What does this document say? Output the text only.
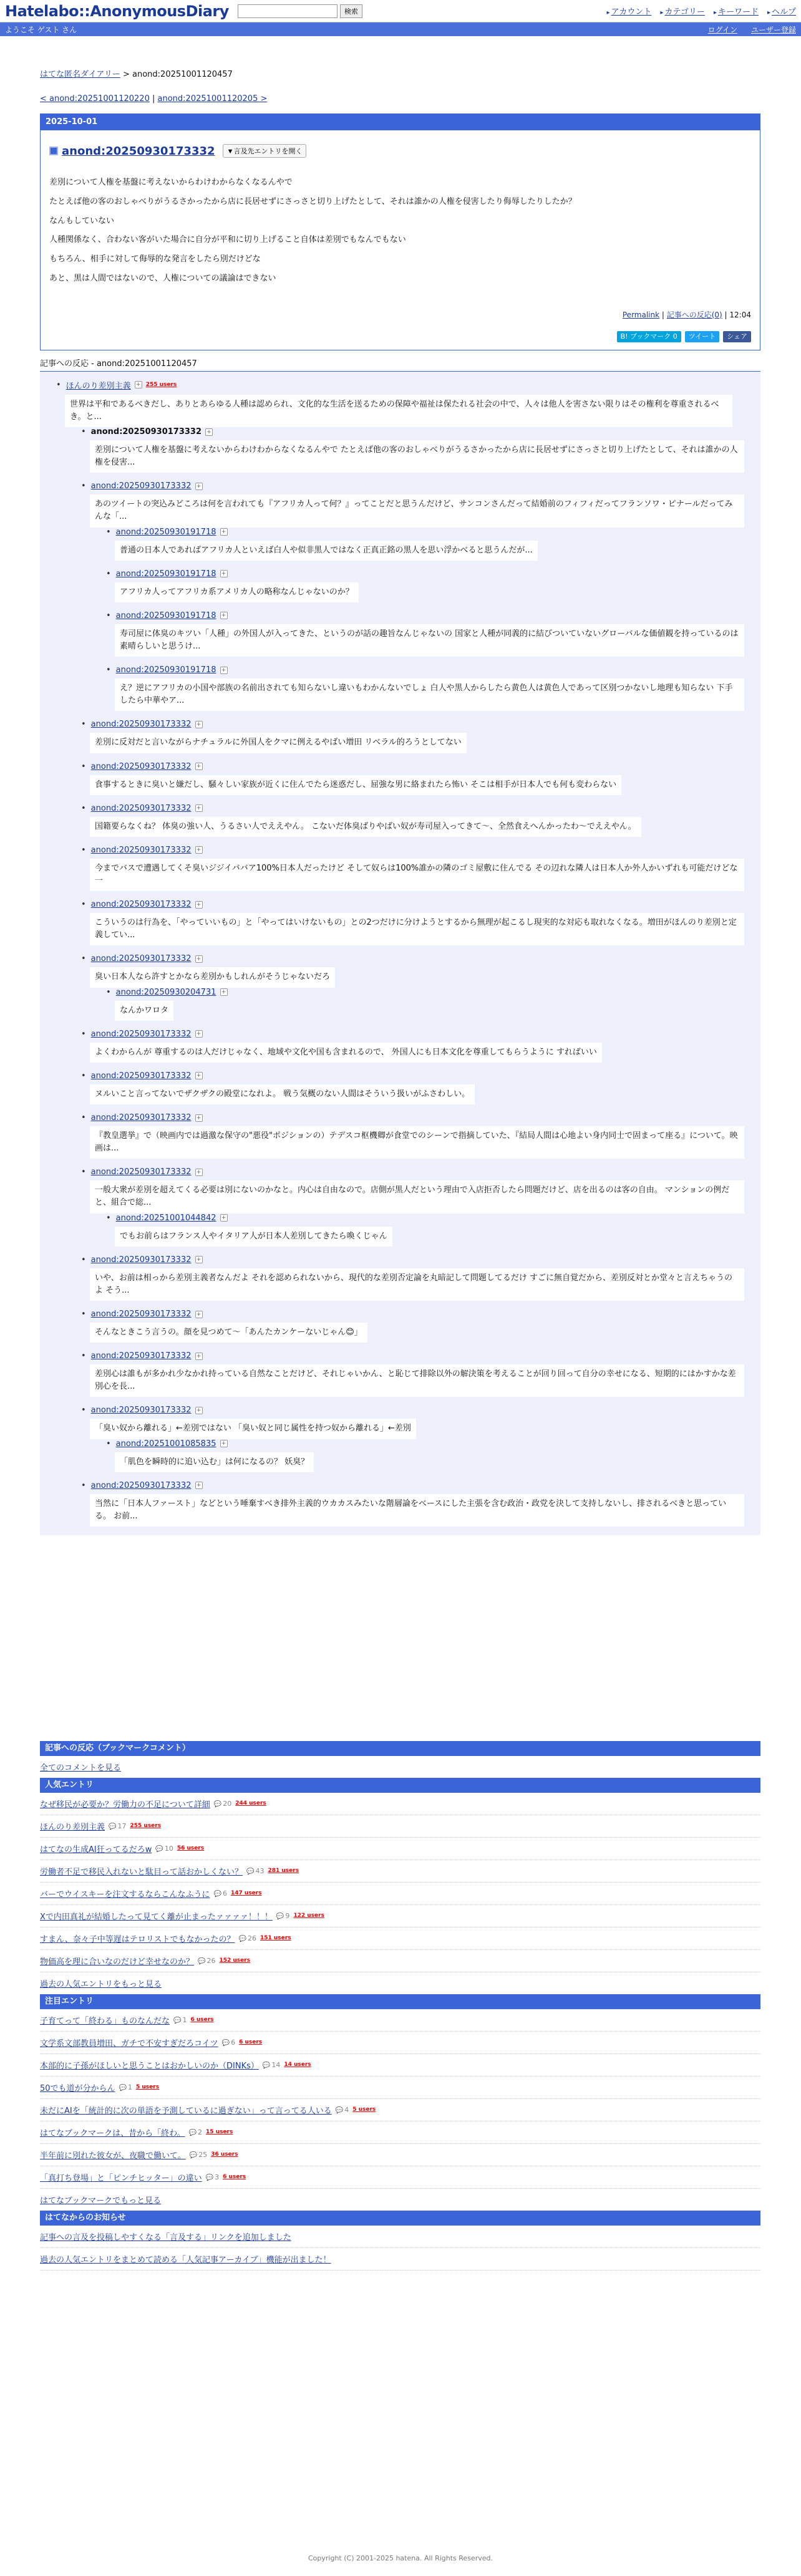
Hatelabo::AnonymousDiary	検索	▸ アカウント	▸ カテゴリー	▸ キーワード	▸ ヘルプ
ようこそ ゲスト さん	ログイン ユーザー登録
はてな匿名ダイアリー > anond:20251001120457
< anond:20251001120220 | anond:20251001120205 >
2025-10-01
anond:20250930173332	▼言及先エントリを開く

差別について人権を基盤に考えないからわけわからなくなるんやで

たとえば他の客のおしゃべりがうるさかったから店に長居せずにさっさと切り上げたとして、それは誰かの人権を侵害したり侮辱したりしたか？

なんもしていない

人種関係なく、合わない客がいた場合に自分が平和に切り上げること自体は差別でもなんでもない

もちろん、相手に対して侮辱的な発言をしたら別だけどな

あと、黒は人間ではないので、人権についての議論はできない

Permalink | 記事への反応(0) | 12:04
B! ブックマーク 0	ツイート	シェア
記事への反応 - anond:20251001120457
• ほんのり差別主義 + 255 users
世界は平和であるべきだし、ありとあらゆる人種は認められ、文化的な生活を送るための保障や福祉は保たれる社会の中で、人々は他人を害さない限りはその権利を尊重されるべき。と...
• anond:20250930173332 +
差別について人権を基盤に考えないからわけわからなくなるんやで たとえば他の客のおしゃべりがうるさかったから店に長居せずにさっさと切り上げたとして、それは誰かの人権を侵害...
• anond:20250930173332 +
あのツイートの突込みどころは何を言われても『アフリカ人って何？』ってことだと思うんだけど、サンコンさんだって結婚前のフィフィだってフランソワ・ピナールだってみんな「...
• anond:20250930191718 +
普通の日本人であればアフリカ人といえば白人や似非黒人ではなく正真正銘の黒人を思い浮かべると思うんだが...
• anond:20250930191718 +
アフリカ人ってアフリカ系アメリカ人の略称なんじゃないのか？
• anond:20250930191718 +
寿司屋に体臭のキツい「人種」の外国人が入ってきた、というのが話の趣旨なんじゃないの 国家と人種が同義的に結びついていないグローバルな価値観を持っているのは素晴らしいと思うけ...
• anond:20250930191718 +
え？逆にアフリカの小国や部族の名前出されても知らないし違いもわかんないでしょ 白人や黒人からしたら黄色人は黄色人であって区別つかないし地理も知らない 下手したら中華やア...
• anond:20250930173332 +
差別に反対だと言いながらナチュラルに外国人をクマに例えるやばい増田 リベラル的ろうとしてない
• anond:20250930173332 +
食事するときに臭いと嫌だし、騒々しい家族が近くに住んでたら迷惑だし、屈強な男に絡まれたら怖い そこは相手が日本人でも何も変わらない
• anond:20250930173332 +
国籍要らなくね？ 体臭の強い人、うるさい人でええやん。 こないだ体臭ばりやばい奴が寿司屋入ってきて〜、全然食えへんかったわ〜でええやん。
• anond:20250930173332 +
今までバスで遭遇してくそ臭いジジイババア100%日本人だったけど そして奴らは100%誰かの隣のゴミ屋敷に住んでる その辺れな隣人は日本人か外人かいずれも可能だけどな一
• anond:20250930173332 +
こういうのは行為を、「やっていいもの」と「やってはいけないもの」との2つだけに分けようとするから無理が起こるし現実的な対応も取れなくなる。増田がほんのり差別と定義してい...
• anond:20250930173332 +
臭い日本人なら許すとかなら差別かもしれんがそうじゃないだろ
• anond:20250930204731 +
なんかワロタ
• anond:20250930173332 +
よくわからんが 尊重するのは人だけじゃなく、地域や文化や国も含まれるので、 外国人にも日本文化を尊重してもらうように すればいい
• anond:20250930173332 +
ヌルいこと言ってないでザクザクの殿堂になれよ。 戦う気概のない人間はそういう扱いがふさわしい。
• anond:20250930173332 +
『教皇選挙』で（映画内では過激な保守の"悪役"ポジションの）テデスコ枢機卿が食堂でのシーンで指摘していた、『結局人間は心地よい身内同士で固まって座る』について。映画は...
• anond:20250930173332 +
一般大衆が差別を超えてくる必要は別にないのかなと。内心は自由なので。店側が黒人だという理由で入店拒否したら問題だけど、店を出るのは客の自由。 マンションの例だと、組合で総...
• anond:20251001044842 +
でもお前らはフランス人やイタリア人が日本人差別してきたら喚くじゃん
• anond:20250930173332 +
いや、お前は相っから差別主義者なんだよ それを認められないから、現代的な差別否定論を丸暗記して問題してるだけ すごに無自覚だから、差別反対とか堂々と言えちゃうのよ そう...
• anond:20250930173332 +
そんなときこう言うの。顔を見つめて〜「あんたカンケーないじゃん😊」
• anond:20250930173332 +
差別心は誰もが多かれ少なかれ持っている自然なことだけど、それじゃいかん、と恥じて排除以外の解決策を考えることが回り回って自分の幸せになる、短期的にはかすかな差別心を長...
• anond:20250930173332 +
「臭い奴から離れる」←差別ではない 「臭い奴と同じ属性を持つ奴から離れる」←差別
• anond:20251001085835 +
「肌色を瞬時的に追い込む」は何になるの？ 妖臭？
• anond:20250930173332 +
当然に「日本人ファースト」などという唾棄すべき排外主義的ウカカスみたいな階層論をベースにした主張を含む政治・政党を決して支持しないし、排されるべきと思っている。 お前...
記事への反応（ブックマークコメント）
全てのコメントを見る
人気エントリ
なぜ移民が必要か？労働力の不足について詳細	💬 20 244 users
ほんのり差別主義	💬 17 255 users
はてなの生成AI狂ってるだろw	💬 10 56 users
労働者不足で移民入れないと駄目って話おかしくない？	💬 43 281 users
バーでウイスキーを注文するならこんなふうに	💬 6 147 users
Xで内田真礼が結婚したって見てく離が止まったァァァァ！！！	💬 9 122 users
すまん、奈々子中等遅はテロリストでもなかったの？	💬 26 151 users
物価高を理に合いなのだけど幸せなのか？	💬 26 152 users
過去の人気エントリをもっと見る
注目エントリ
子育てって「終わる」ものなんだな	💬 1 6 users
文学系文部教員増田、ガチで不安すぎだろコイツ	💬 6 6 users
本部的に子孫がほしいと思うことはおかしいのか（DINKs）	💬 14 14 users
50でも道が分からん	💬 1 5 users
未だにAIを「統計的に次の単語を予測しているに過ぎない」って言ってる人いる	💬 4 5 users
はてなブックマークは、昔から「終わ。	💬 2 15 users
半年前に別れた彼女が、夜職で働いて。	💬 25 36 users
「真打ち登場」と「ピンチヒッター」の違い	💬 3 6 users
はてなブックマークでもっと見る
はてなからのお知らせ
記事への言及を投稿しやすくなる「言及する」リンクを追加しました
過去の人気エントリをまとめて読める「人気記事アーカイブ」機能が出ました！
Copyright (C) 2001-2025 hatena. All Rights Reserved.
